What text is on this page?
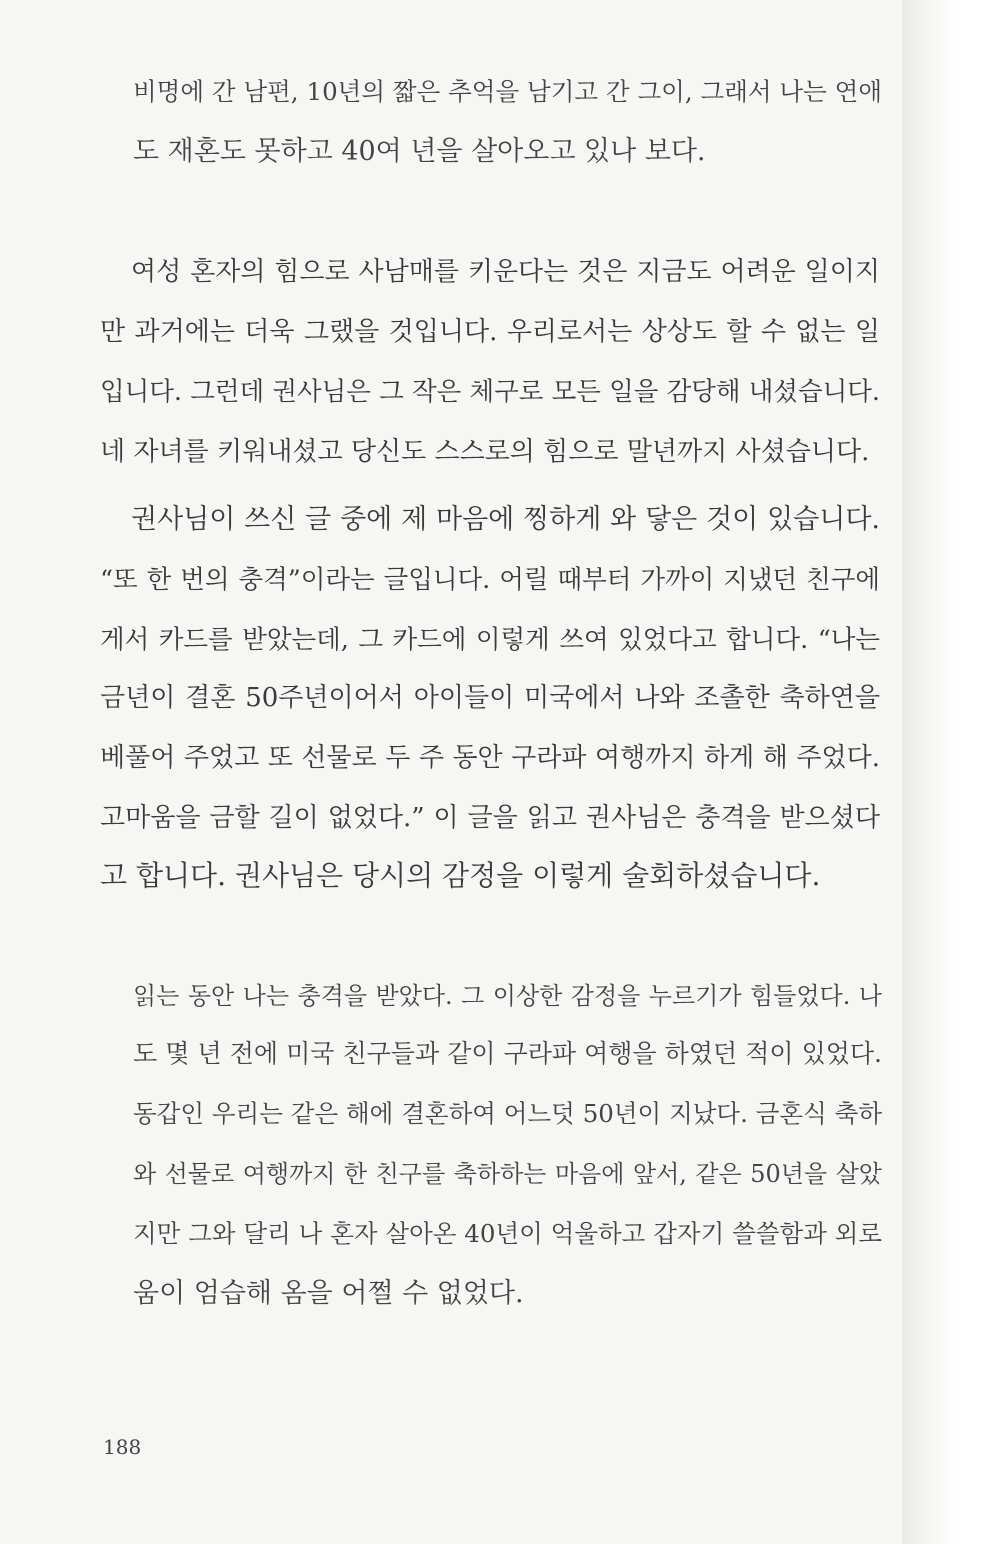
비명에 간 남편, 10년의 짧은 추억을 남기고 간 그이, 그래서 나는 연애
도 재혼도 못하고 40여 년을 살아오고 있나 보다.
여성 혼자의 힘으로 사남매를 키운다는 것은 지금도 어려운 일이지
만 과거에는 더욱 그랬을 것입니다. 우리로서는 상상도 할 수 없는 일
입니다. 그런데 권사님은 그 작은 체구로 모든 일을 감당해 내셨습니다.
네 자녀를 키워내셨고 당신도 스스로의 힘으로 말년까지 사셨습니다.
권사님이 쓰신 글 중에 제 마음에 찡하게 와 닿은 것이 있습니다.
“또 한 번의 충격”이라는 글입니다. 어릴 때부터 가까이 지냈던 친구에
게서 카드를 받았는데, 그 카드에 이렇게 쓰여 있었다고 합니다. “나는
금년이 결혼 50주년이어서 아이들이 미국에서 나와 조촐한 축하연을
베풀어 주었고 또 선물로 두 주 동안 구라파 여행까지 하게 해 주었다.
고마움을 금할 길이 없었다.” 이 글을 읽고 권사님은 충격을 받으셨다
고 합니다. 권사님은 당시의 감정을 이렇게 술회하셨습니다.
읽는 동안 나는 충격을 받았다. 그 이상한 감정을 누르기가 힘들었다. 나
도 몇 년 전에 미국 친구들과 같이 구라파 여행을 하였던 적이 있었다.
동갑인 우리는 같은 해에 결혼하여 어느덧 50년이 지났다. 금혼식 축하
와 선물로 여행까지 한 친구를 축하하는 마음에 앞서, 같은 50년을 살았
지만 그와 달리 나 혼자 살아온 40년이 억울하고 갑자기 쓸쓸함과 외로
움이 엄습해 옴을 어쩔 수 없었다.
188
